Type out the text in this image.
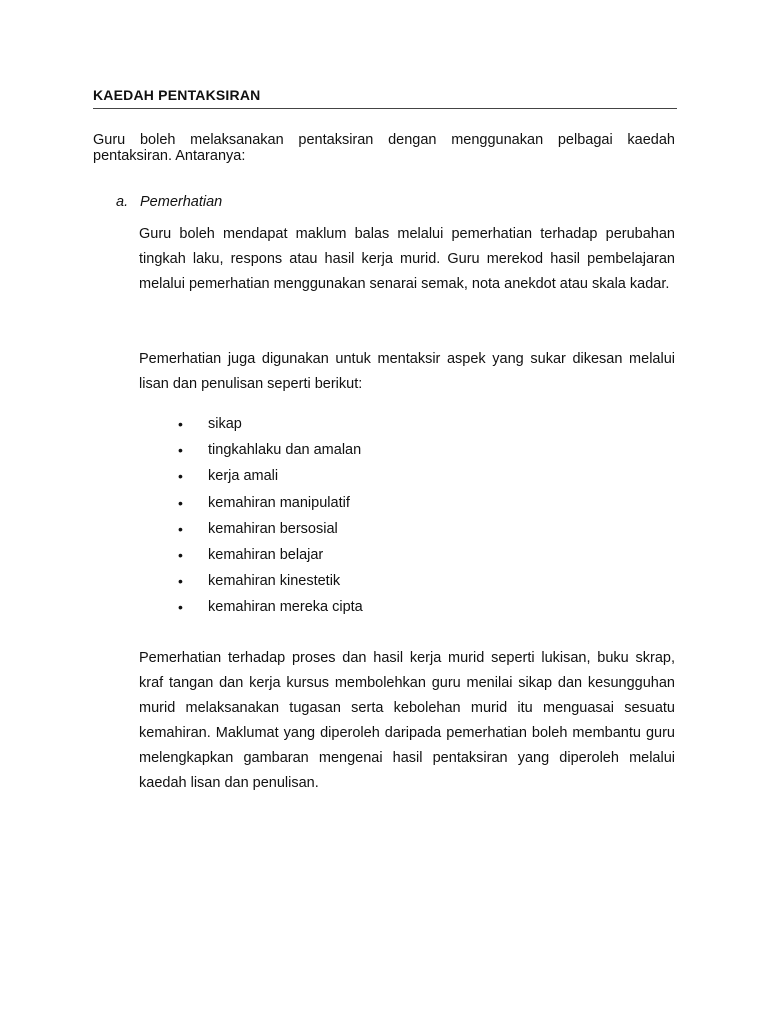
KAEDAH PENTAKSIRAN
Guru boleh melaksanakan pentaksiran dengan menggunakan pelbagai kaedah pentaksiran. Antaranya:
a. Pemerhatian
Guru boleh mendapat maklum balas melalui pemerhatian terhadap perubahan tingkah laku, respons atau hasil kerja murid. Guru merekod hasil pembelajaran melalui pemerhatian menggunakan senarai semak, nota anekdot atau skala kadar.
Pemerhatian juga digunakan untuk mentaksir aspek yang sukar dikesan melalui lisan dan penulisan seperti berikut:
• sikap
• tingkahlaku dan amalan
• kerja amali
• kemahiran manipulatif
• kemahiran bersosial
• kemahiran belajar
• kemahiran kinestetik
• kemahiran mereka cipta
Pemerhatian terhadap proses dan hasil kerja murid seperti lukisan, buku skrap, kraf tangan dan kerja kursus membolehkan guru menilai sikap dan kesungguhan murid melaksanakan tugasan serta kebolehan murid itu menguasai sesuatu kemahiran. Maklumat yang diperoleh daripada pemerhatian boleh membantu guru melengkapkan gambaran mengenai hasil pentaksiran yang diperoleh melalui kaedah lisan dan penulisan.
